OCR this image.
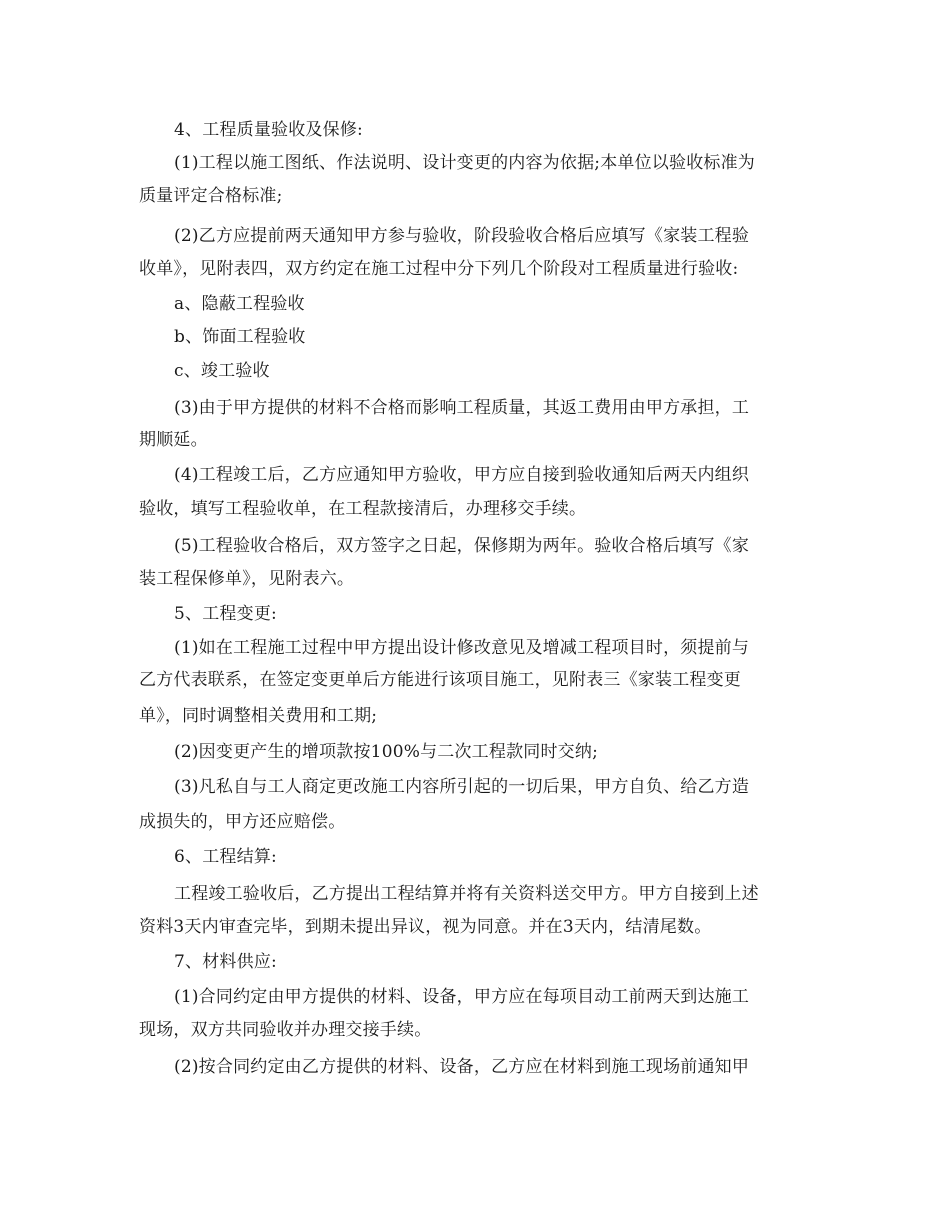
4、工程质量验收及保修:
(1)工程以施工图纸、作法说明、设计变更的内容为依据;本单位以验收标准为
质量评定合格标准;
(2)乙方应提前两天通知甲方参与验收，阶段验收合格后应填写《家装工程验
收单》，见附表四，双方约定在施工过程中分下列几个阶段对工程质量进行验收:
a、隐蔽工程验收
b、饰面工程验收
c、竣工验收
(3)由于甲方提供的材料不合格而影响工程质量，其返工费用由甲方承担，工
期顺延。
(4)工程竣工后，乙方应通知甲方验收，甲方应自接到验收通知后两天内组织
验收，填写工程验收单，在工程款接清后，办理移交手续。
(5)工程验收合格后，双方签字之日起，保修期为两年。验收合格后填写《家
装工程保修单》，见附表六。
5、工程变更:
(1)如在工程施工过程中甲方提出设计修改意见及增减工程项目时，须提前与
乙方代表联系，在签定变更单后方能进行该项目施工，见附表三《家装工程变更
单》，同时调整相关费用和工期;
(2)因变更产生的增项款按100%与二次工程款同时交纳;
(3)凡私自与工人商定更改施工内容所引起的一切后果，甲方自负、给乙方造
成损失的，甲方还应赔偿。
6、工程结算:
工程竣工验收后，乙方提出工程结算并将有关资料送交甲方。甲方自接到上述
资料3天内审查完毕，到期未提出异议，视为同意。并在3天内，结清尾数。
7、材料供应:
(1)合同约定由甲方提供的材料、设备，甲方应在每项目动工前两天到达施工
现场，双方共同验收并办理交接手续。
(2)按合同约定由乙方提供的材料、设备，乙方应在材料到施工现场前通知甲
